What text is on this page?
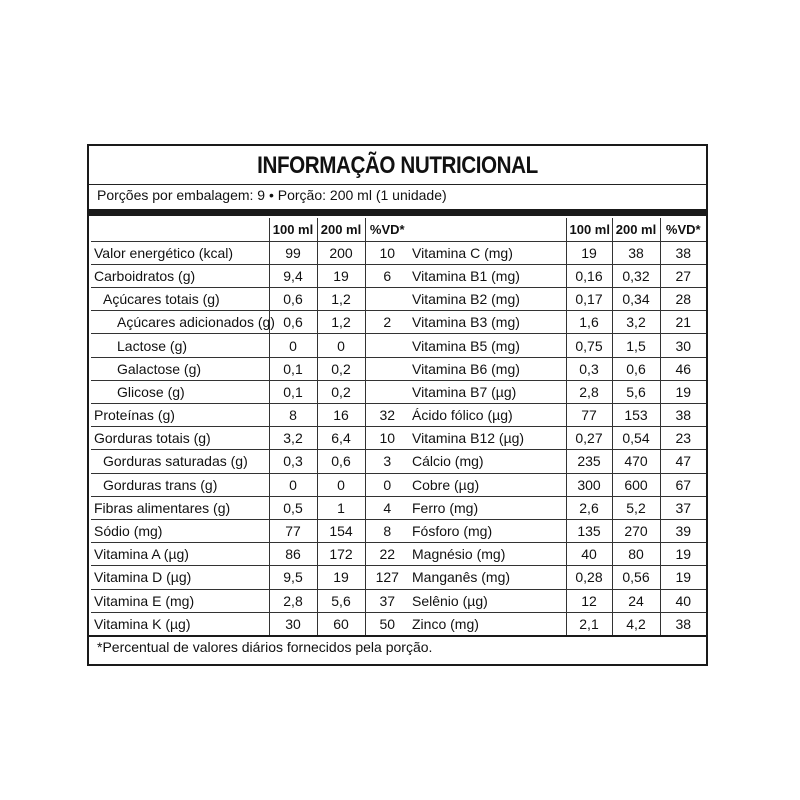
INFORMAÇÃO NUTRICIONAL
Porções por embalagem: 9 • Porção: 200 ml (1 unidade)
	100 ml	200 ml	%VD*
Valor energético (kcal)	99	200	10
Carboidratos (g)	9,4	19	6
Açúcares totais (g)	0,6	1,2	
Açúcares adicionados (g)	0,6	1,2	2
Lactose (g)	0	0	
Galactose (g)	0,1	0,2	
Glicose (g)	0,1	0,2	
Proteínas (g)	8	16	32
Gorduras totais (g)	3,2	6,4	10
Gorduras saturadas (g)	0,3	0,6	3
Gorduras trans (g)	0	0	0
Fibras alimentares (g)	0,5	1	4
Sódio (mg)	77	154	8
Vitamina A (µg)	86	172	22
Vitamina D (µg)	9,5	19	127
Vitamina E (mg)	2,8	5,6	37
Vitamina K (µg)	30	60	50
	100 ml	200 ml	%VD*
Vitamina C (mg)	19	38	38
Vitamina B1 (mg)	0,16	0,32	27
Vitamina B2 (mg)	0,17	0,34	28
Vitamina B3 (mg)	1,6	3,2	21
Vitamina B5 (mg)	0,75	1,5	30
Vitamina B6 (mg)	0,3	0,6	46
Vitamina B7 (µg)	2,8	5,6	19
Ácido fólico (µg)	77	153	38
Vitamina B12 (µg)	0,27	0,54	23
Cálcio (mg)	235	470	47
Cobre (µg)	300	600	67
Ferro (mg)	2,6	5,2	37
Fósforo (mg)	135	270	39
Magnésio (mg)	40	80	19
Manganês (mg)	0,28	0,56	19
Selênio (µg)	12	24	40
Zinco (mg)	2,1	4,2	38
*Percentual de valores diários fornecidos pela porção.
